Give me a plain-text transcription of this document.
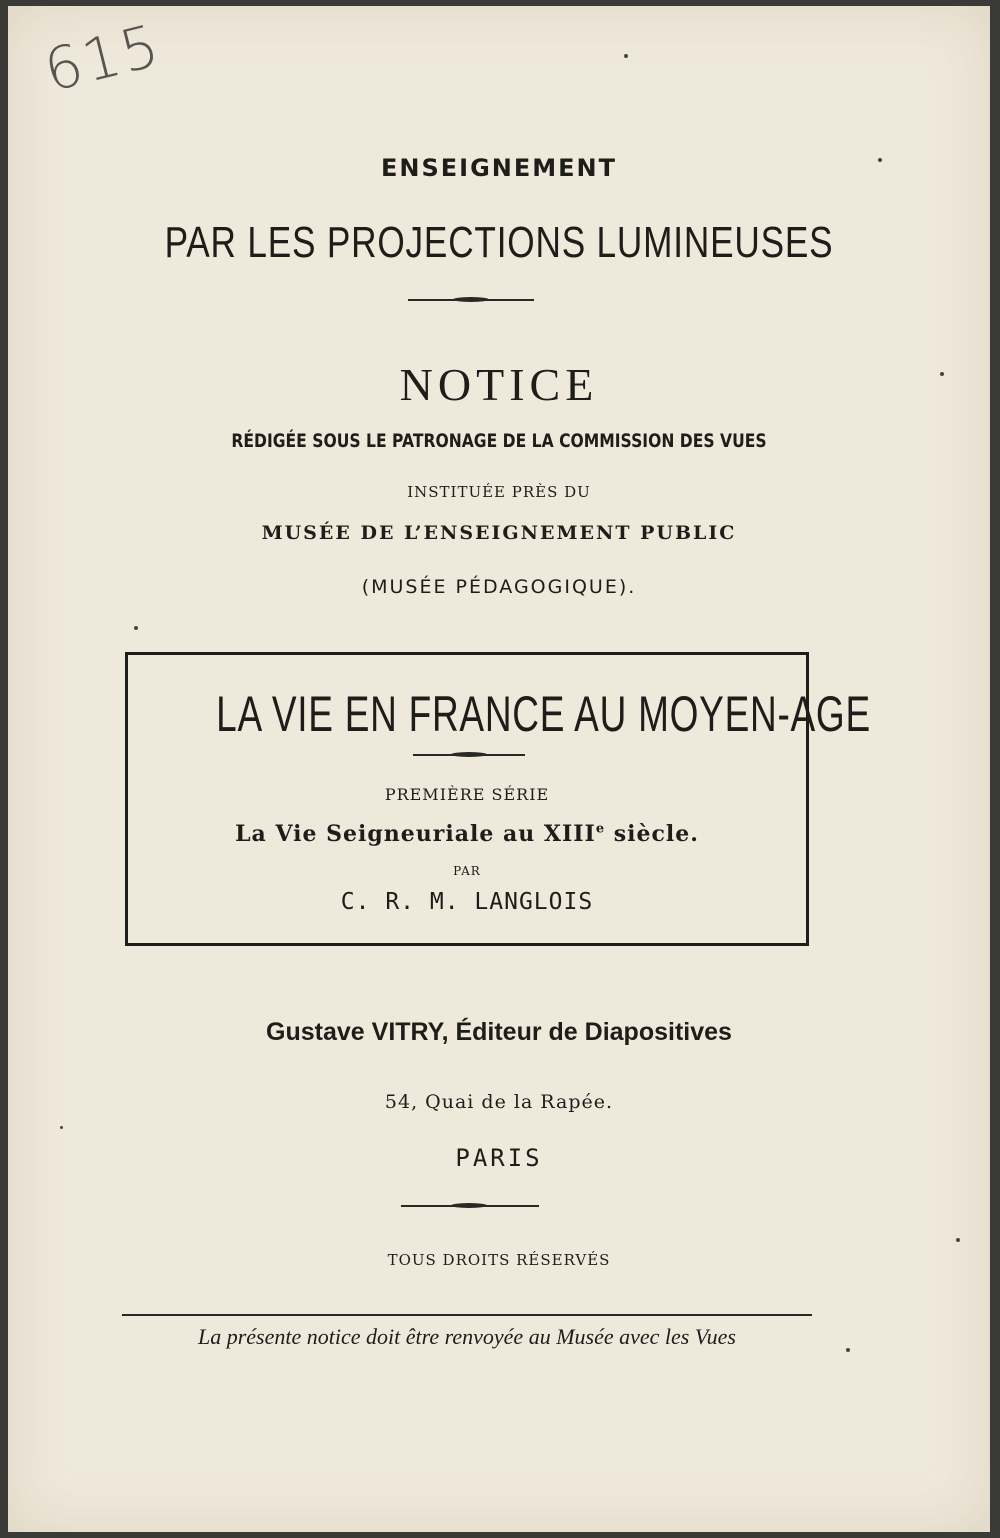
615
ENSEIGNEMENT
PAR LES PROJECTIONS LUMINEUSES
NOTICE
RÉDIGÉE SOUS LE PATRONAGE DE LA COMMISSION DES VUES
INSTITUÉE PRÈS DU
MUSÉE DE L’ENSEIGNEMENT PUBLIC
(MUSÉE PÉDAGOGIQUE).
LA VIE EN FRANCE AU MOYEN-AGE
PREMIÈRE SÉRIE
La Vie Seigneuriale au XIIIe siècle.
PAR
C. R. M. LANGLOIS
Gustave VITRY, Éditeur de Diapositives
54, Quai de la Rapée.
PARIS
TOUS DROITS RÉSERVÉS
La présente notice doit être renvoyée au Musée avec les Vues
